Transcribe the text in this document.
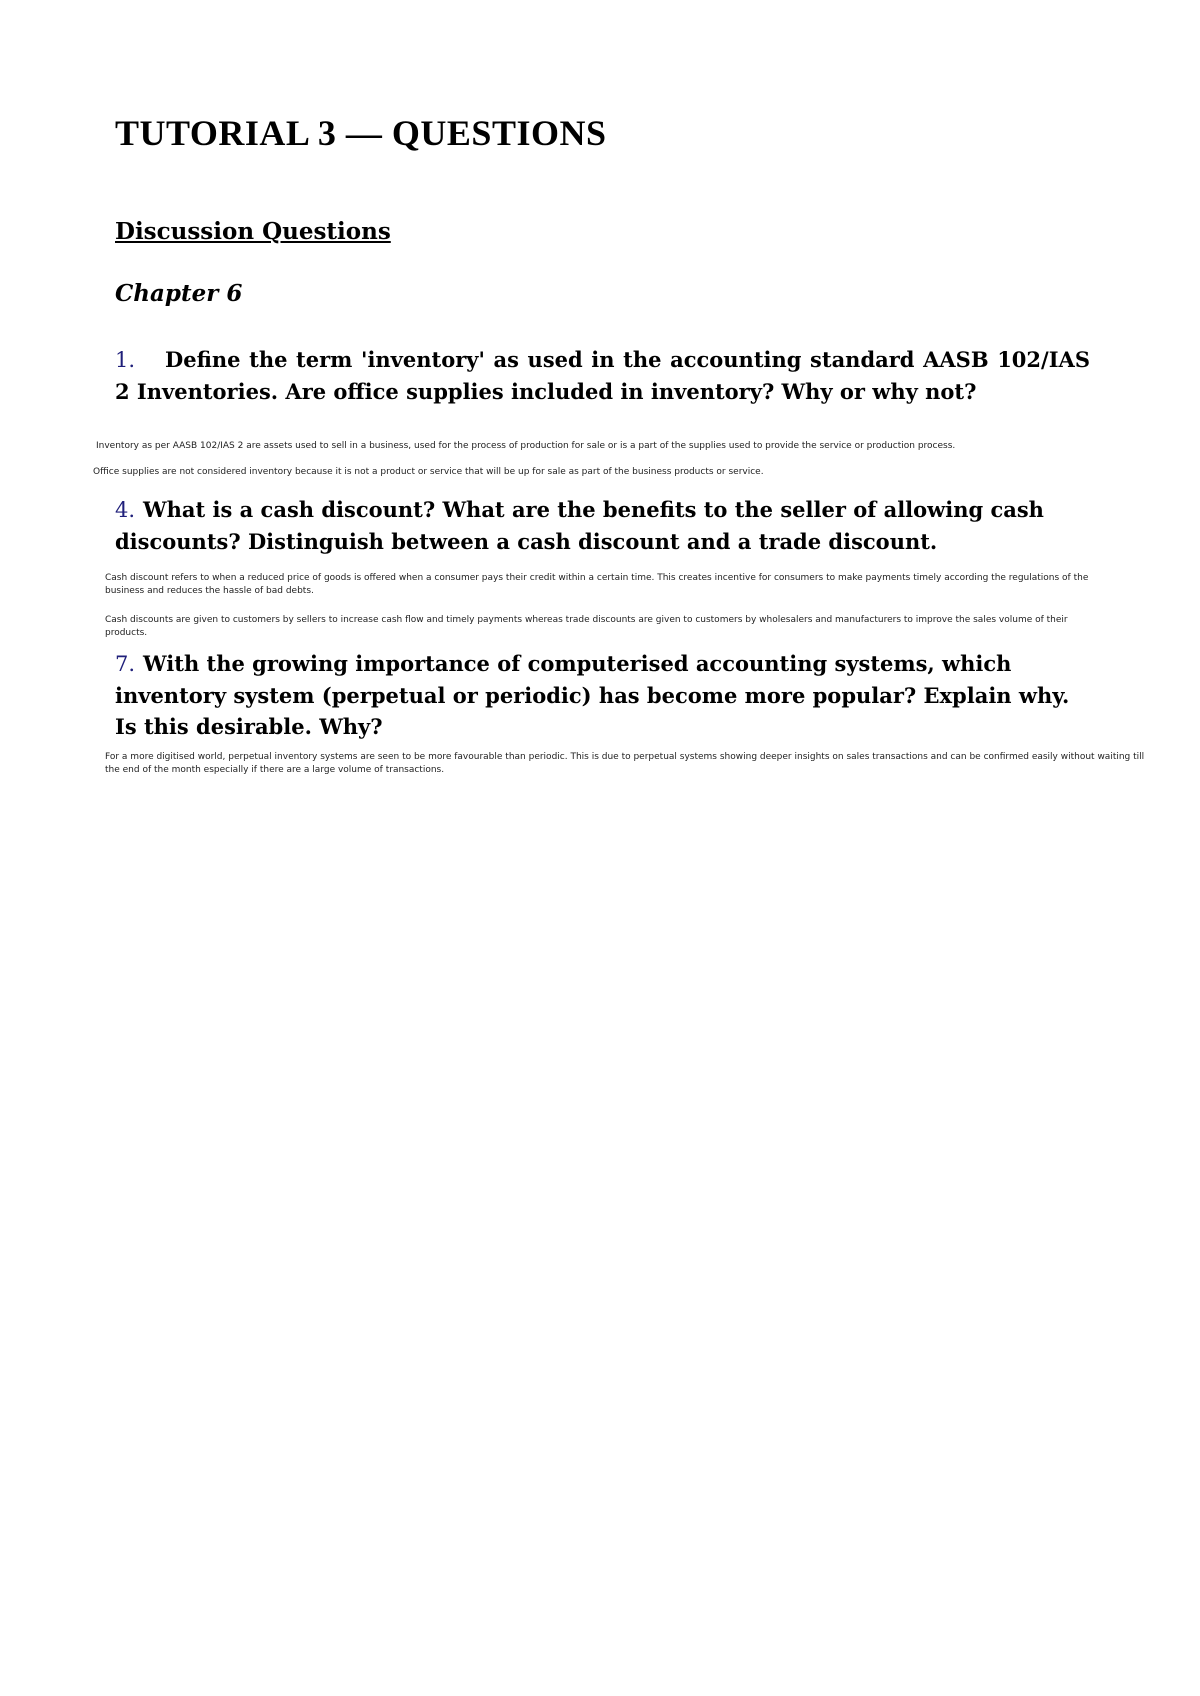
TUTORIAL 3 — QUESTIONS
Discussion Questions
Chapter 6

1. Define the term 'inventory' as used in the accounting standard AASB 102/IAS 2 Inventories. Are office supplies included in inventory? Why or why not?

Inventory as per AASB 102/IAS 2 are assets used to sell in a business, used for the process of production for sale or is a part of the supplies used to provide the service or production process.

Office supplies are not considered inventory because it is not a product or service that will be up for sale as part of the business products or service.

4. What is a cash discount? What are the benefits to the seller of allowing cash discounts? Distinguish between a cash discount and a trade discount.

Cash discount refers to when a reduced price of goods is offered when a consumer pays their credit within a certain time. This creates incentive for consumers to make payments timely according the regulations of the business and reduces the hassle of bad debts.

Cash discounts are given to customers by sellers to increase cash flow and timely payments whereas trade discounts are given to customers by wholesalers and manufacturers to improve the sales volume of their products.

7. With the growing importance of computerised accounting systems, which inventory system (perpetual or periodic) has become more popular? Explain why. Is this desirable. Why?

For a more digitised world, perpetual inventory systems are seen to be more favourable than periodic. This is due to perpetual systems showing deeper insights on sales transactions and can be confirmed easily without waiting till the end of the month especially if there are a large volume of transactions.
